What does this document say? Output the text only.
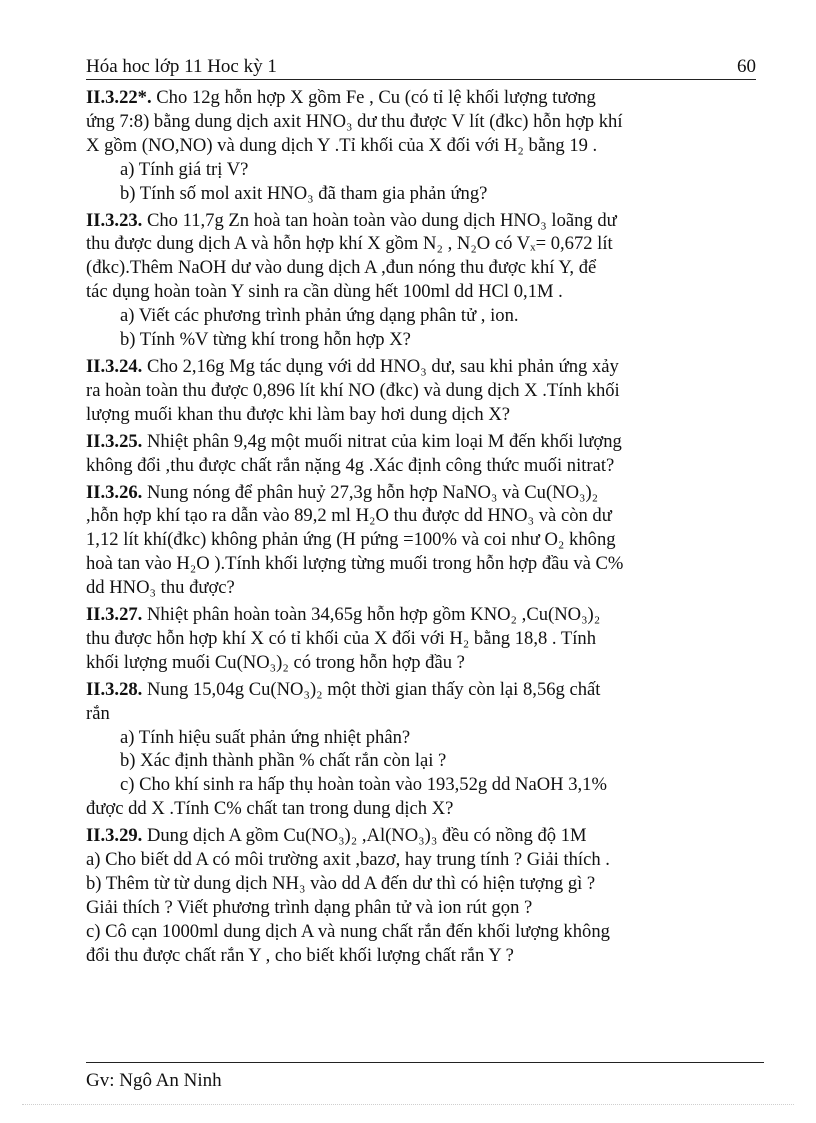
Hóa hoc lớp 11 Hoc kỳ 1	60
II.3.22*. Cho 12g hỗn hợp X gồm Fe , Cu (có tỉ lệ khối lượng tương
ứng 7:8) bằng dung dịch axit HNO₃ dư thu được V lít (đkc) hỗn hợp khí
X gồm (NO,NO) và dung dịch Y .Tỉ khối của X đối với H₂ bằng 19 .
a) Tính giá trị V?
b) Tính số mol axit HNO₃ đã tham gia phản ứng?
II.3.23. Cho 11,7g Zn hoà tan hoàn toàn vào dung dịch HNO₃ loãng dư
thu được dung dịch A và hỗn hợp khí X gồm N₂ , N₂O có Vₓ= 0,672 lít
(đkc).Thêm NaOH dư vào dung dịch A ,đun nóng thu được khí Y, để
tác dụng hoàn toàn Y sinh ra cần dùng hết 100ml dd HCl 0,1M .
a) Viết các phương trình phản ứng dạng phân tử , ion.
b) Tính %V từng khí trong hỗn hợp X?
II.3.24. Cho 2,16g Mg tác dụng với dd HNO₃ dư, sau khi phản ứng xảy
ra hoàn toàn thu được 0,896 lít khí NO (đkc) và dung dịch X .Tính khối
lượng muối khan thu được khi làm bay hơi dung dịch X?
II.3.25. Nhiệt phân 9,4g một muối nitrat của kim loại M đến khối lượng
không đổi ,thu được chất rắn nặng 4g .Xác định công thức muối nitrat?
II.3.26. Nung nóng để phân huỷ 27,3g hỗn hợp NaNO₃ và Cu(NO₃)₂
,hỗn hợp khí tạo ra dẫn vào 89,2 ml H₂O thu được dd HNO₃ và còn dư
1,12 lít khí(đkc) không phản ứng (H pứng =100% và coi như O₂ không
hoà tan vào H₂O ).Tính khối lượng từng muối trong hỗn hợp đầu và C%
dd HNO₃ thu được?
II.3.27. Nhiệt phân hoàn toàn 34,65g hỗn hợp gồm KNO₂ ,Cu(NO₃)₂
thu được hỗn hợp khí X có tỉ khối của X đối với H₂ bằng 18,8 . Tính
khối lượng muối Cu(NO₃)₂ có trong hỗn hợp đầu ?
II.3.28. Nung 15,04g Cu(NO₃)₂ một thời gian thấy còn lại 8,56g chất
rắn
a) Tính hiệu suất phản ứng nhiệt phân?
b) Xác định thành phần % chất rắn còn lại ?
c) Cho khí sinh ra hấp thụ hoàn toàn vào 193,52g dd NaOH 3,1%
được dd X .Tính C% chất tan trong dung dịch X?
II.3.29. Dung dịch A gồm Cu(NO₃)₂ ,Al(NO₃)₃ đều có nồng độ 1M
a) Cho biết dd A có môi trường axit ,bazơ, hay trung tính ? Giải thích .
b) Thêm từ từ dung dịch NH₃ vào dd A đến dư thì có hiện tượng gì ?
Giải thích ? Viết phương trình dạng phân tử và ion rút gọn ?
c) Cô cạn 1000ml dung dịch A và nung chất rắn đến khối lượng không
đổi thu được chất rắn Y , cho biết khối lượng chất rắn Y ?
Gv: Ngô An Ninh
